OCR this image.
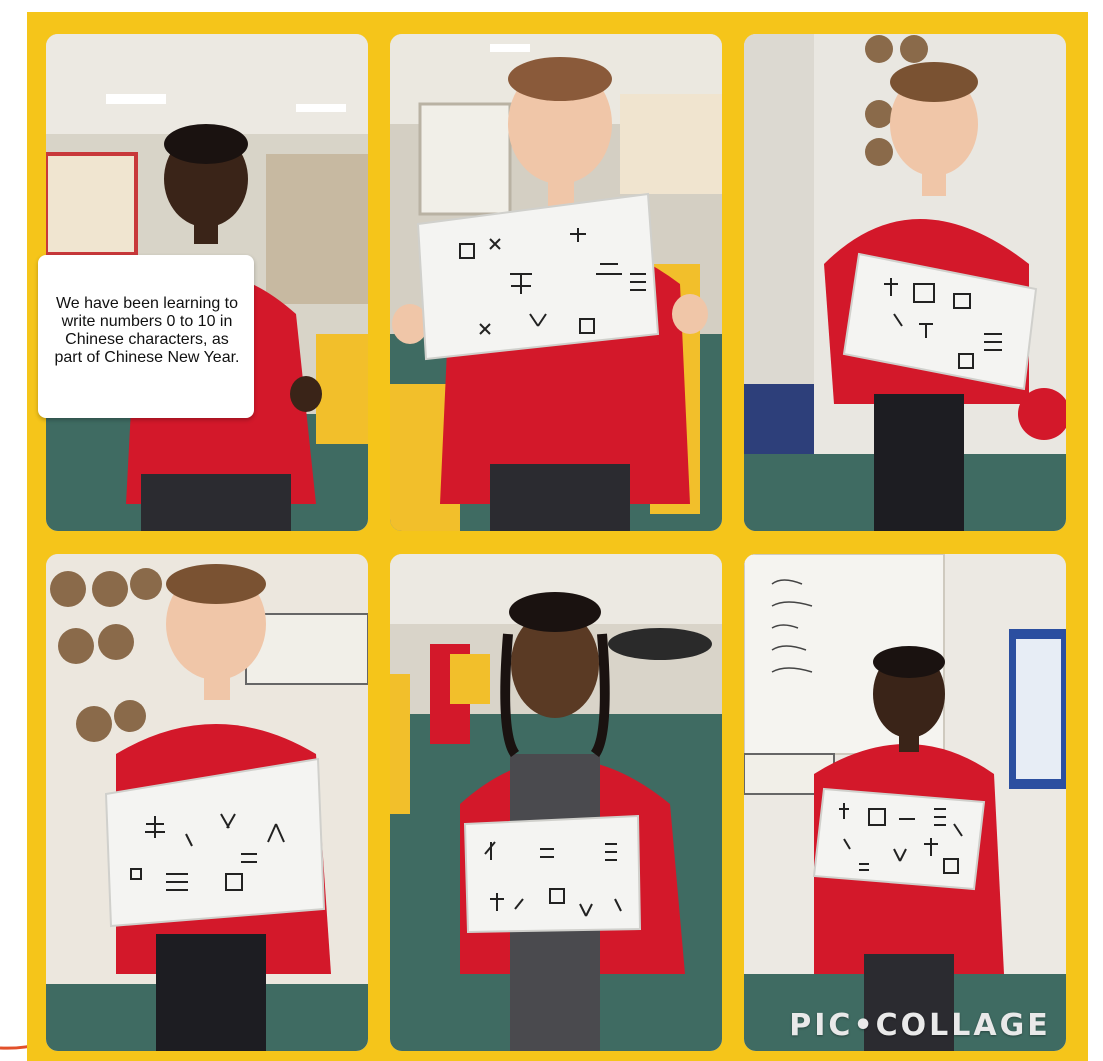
We have been learning to write numbers 0 to 10 in Chinese characters, as part of Chinese New Year.
PIC•COLLAGE
